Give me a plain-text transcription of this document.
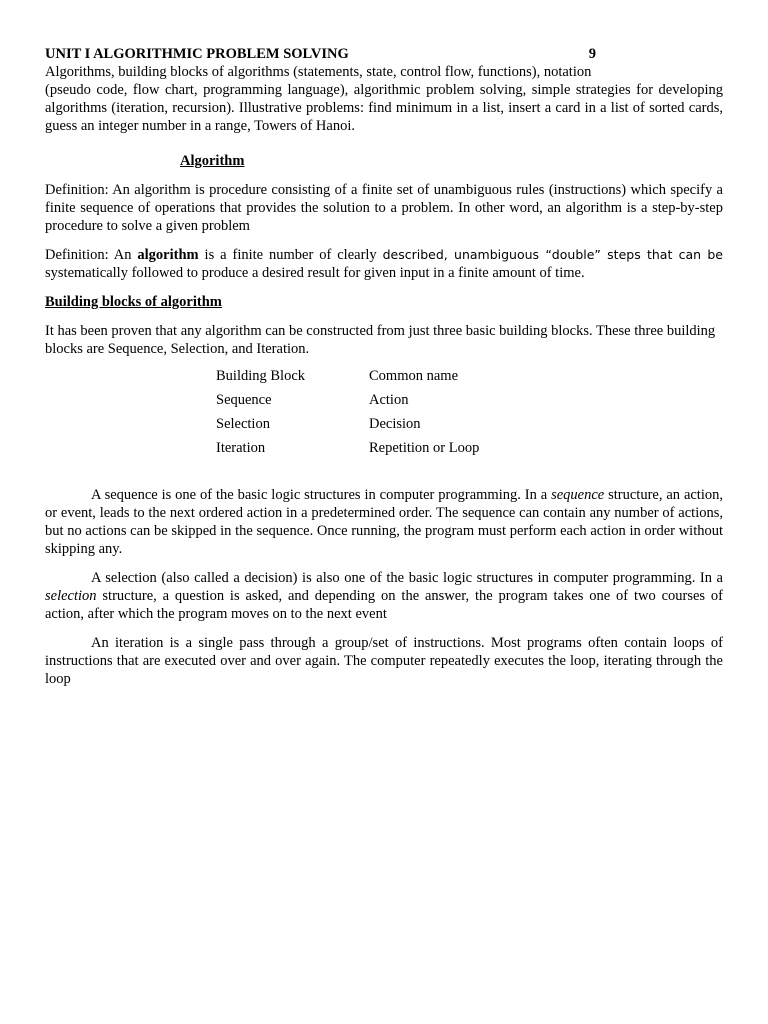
UNIT I ALGORITHMIC PROBLEM SOLVING	9
Algorithms, building blocks of algorithms (statements, state, control flow, functions), notation

(pseudo code, flow chart, programming language), algorithmic problem solving, simple strategies for developing algorithms (iteration, recursion). Illustrative problems: find minimum in a list, insert a card in a list of sorted cards, guess an integer number in a range, Towers of Hanoi.

Algorithm

Definition: An algorithm is procedure consisting of a finite set of unambiguous rules (instructions) which specify a finite sequence of operations that provides the solution to a problem. In other word, an algorithm is a step-by-step procedure to solve a given problem

Definition: An algorithm is a finite number of clearly described, unambiguous “double” steps that can be systematically followed to produce a desired result for given input in a finite amount of time.

Building blocks of algorithm

It has been proven that any algorithm can be constructed from just three basic building blocks. These three building blocks are Sequence, Selection, and Iteration.

Building Block	Common name
Sequence	Action
Selection	Decision
Iteration	Repetition or Loop

A sequence is one of the basic logic structures in computer programming. In a sequence structure, an action, or event, leads to the next ordered action in a predetermined order. The sequence can contain any number of actions, but no actions can be skipped in the sequence. Once running, the program must perform each action in order without skipping any.

A selection (also called a decision) is also one of the basic logic structures in computer programming. In a selection structure, a question is asked, and depending on the answer, the program takes one of two courses of action, after which the program moves on to the next event

An iteration is a single pass through a group/set of instructions. Most programs often contain loops of instructions that are executed over and over again. The computer repeatedly executes the loop, iterating through the loop
